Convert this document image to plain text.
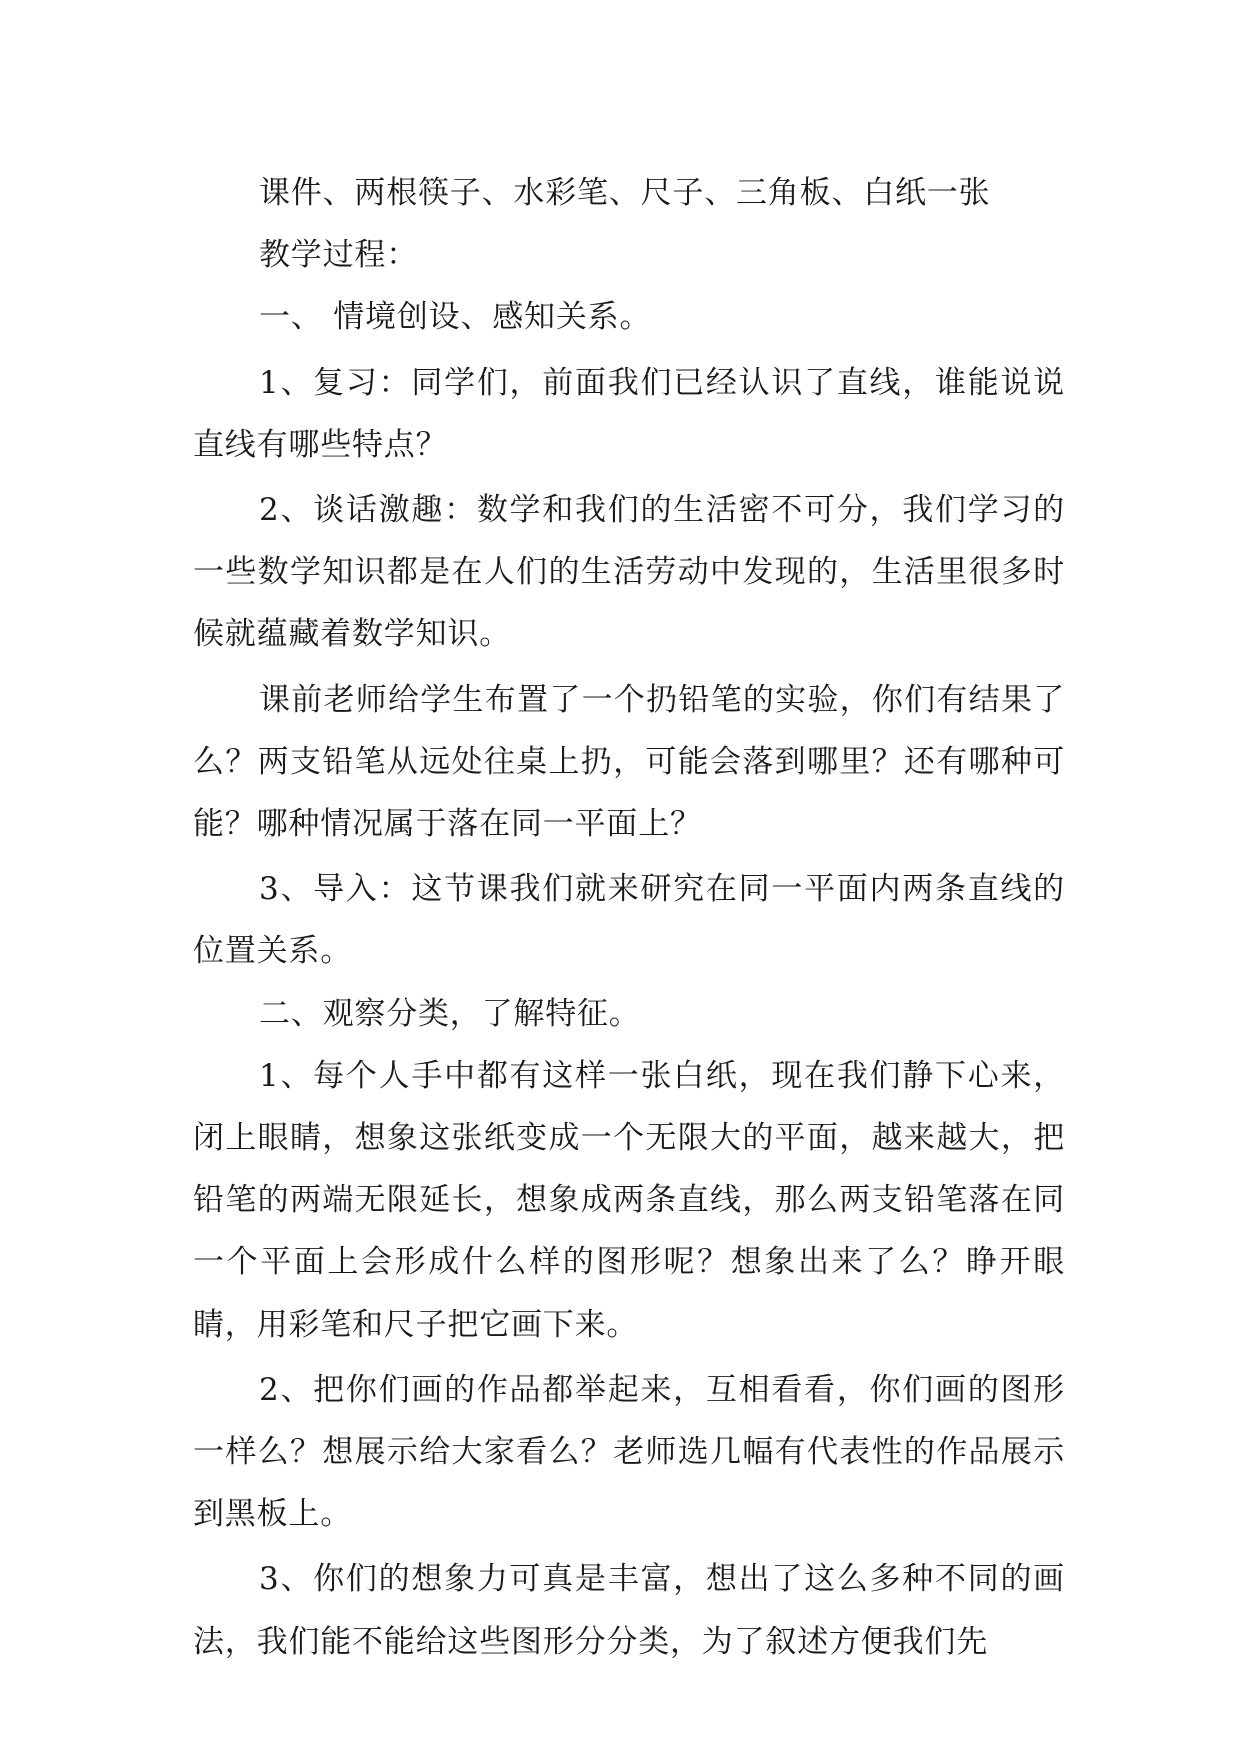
课件、两根筷子、水彩笔、尺子、三角板、白纸一张

教学过程：

一、 情境创设、感知关系。

1、复习：同学们，前面我们已经认识了直线，谁能说说直线有哪些特点？

2、谈话激趣：数学和我们的生活密不可分，我们学习的一些数学知识都是在人们的生活劳动中发现的，生活里很多时候就蕴藏着数学知识。

课前老师给学生布置了一个扔铅笔的实验，你们有结果了么？两支铅笔从远处往桌上扔，可能会落到哪里？还有哪种可能？哪种情况属于落在同一平面上？

3、导入：这节课我们就来研究在同一平面内两条直线的位置关系。

二、观察分类，了解特征。

1、每个人手中都有这样一张白纸，现在我们静下心来，闭上眼睛，想象这张纸变成一个无限大的平面，越来越大，把铅笔的两端无限延长，想象成两条直线，那么两支铅笔落在同一个平面上会形成什么样的图形呢？想象出来了么？睁开眼睛，用彩笔和尺子把它画下来。

2、把你们画的作品都举起来，互相看看，你们画的图形一样么？想展示给大家看么？老师选几幅有代表性的作品展示到黑板上。

3、你们的想象力可真是丰富，想出了这么多种不同的画法，我们能不能给这些图形分分类，为了叙述方便我们先
